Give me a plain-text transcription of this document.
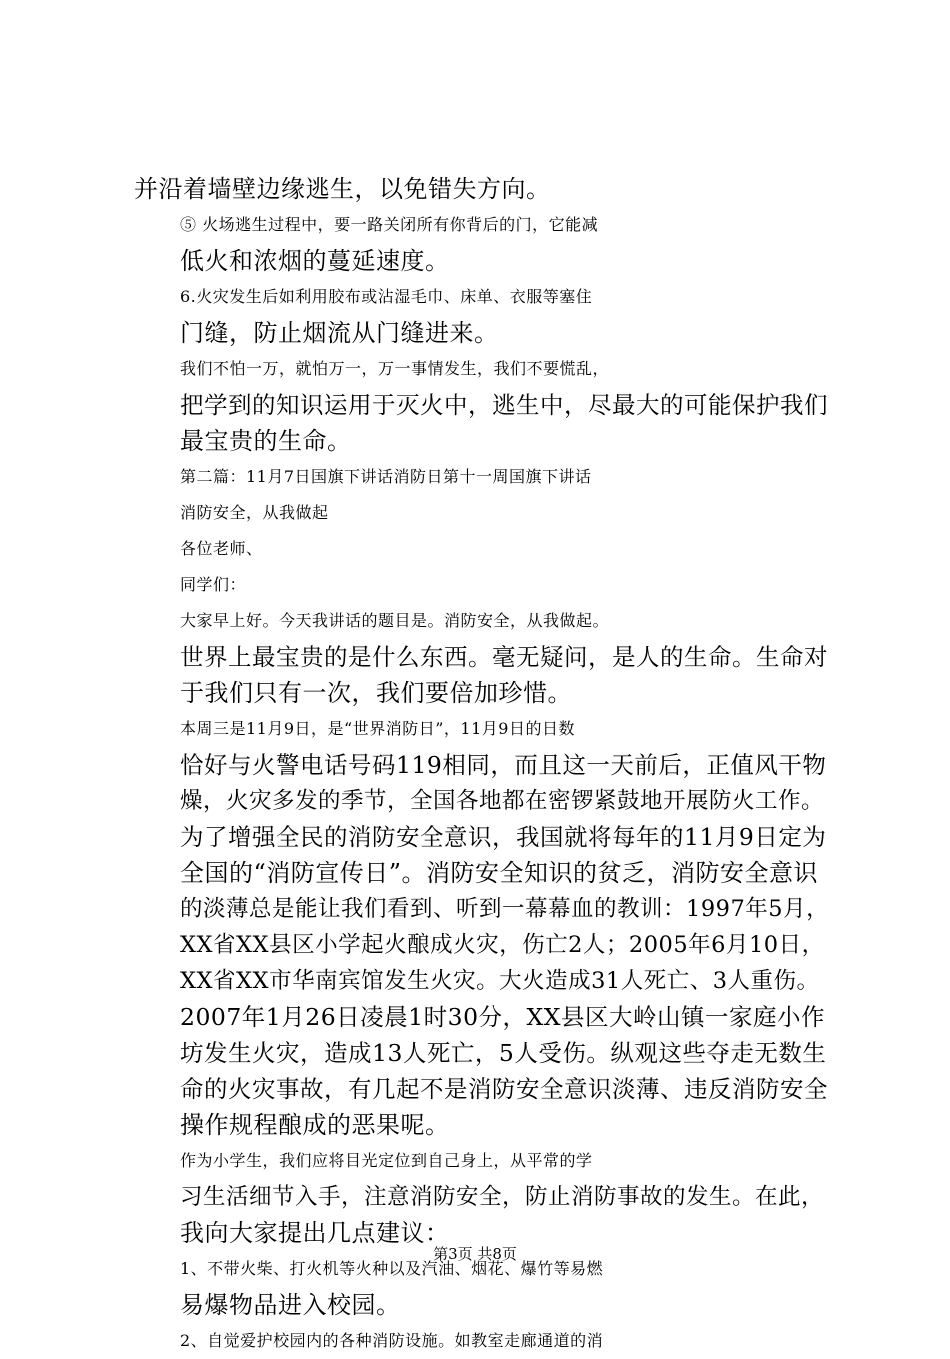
并沿着墙壁边缘逃生，以免错失方向。

⑤ 火场逃生过程中，要一路关闭所有你背后的门，它能减
低火和浓烟的蔓延速度。

6.火灾发生后如利用胶布或沾湿毛巾、床单、衣服等塞住
门缝，防止烟流从门缝进来。

我们不怕一万，就怕万一，万一事情发生，我们不要慌乱，
把学到的知识运用于灭火中，逃生中，尽最大的可能保护我们
最宝贵的生命。

第二篇：11月7日国旗下讲话消防日第十一周国旗下讲话

消防安全，从我做起

各位老师、

同学们：

大家早上好。今天我讲话的题目是。消防安全，从我做起。
世界上最宝贵的是什么东西。毫无疑问，是人的生命。生命对
于我们只有一次，我们要倍加珍惜。

本周三是11月9日，是“世界消防日”，11月9日的日数
恰好与火警电话号码119相同，而且这一天前后，正值风干物
燥，火灾多发的季节，全国各地都在密锣紧鼓地开展防火工作。
为了增强全民的消防安全意识，我国就将每年的11月9日定为
全国的“消防宣传日”。消防安全知识的贫乏，消防安全意识
的淡薄总是能让我们看到、听到一幕幕血的教训：1997年5月，
XX省XX县区小学起火酿成火灾，伤亡2人；2005年6月10日，
XX省XX市华南宾馆发生火灾。大火造成31人死亡、3人重伤。
2007年1月26日凌晨1时30分，XX县区大岭山镇一家庭小作
坊发生火灾，造成13人死亡，5人受伤。纵观这些夺走无数生
命的火灾事故，有几起不是消防安全意识淡薄、违反消防安全
操作规程酿成的恶果呢。

作为小学生，我们应将目光定位到自己身上，从平常的学
习生活细节入手，注意消防安全，防止消防事故的发生。在此，
我向大家提出几点建议：

1、不带火柴、打火机等火种以及汽油、烟花、爆竹等易燃
易爆物品进入校园。

2、自觉爱护校园内的各种消防设施。如教室走廊通道的消

第3页 共8页
